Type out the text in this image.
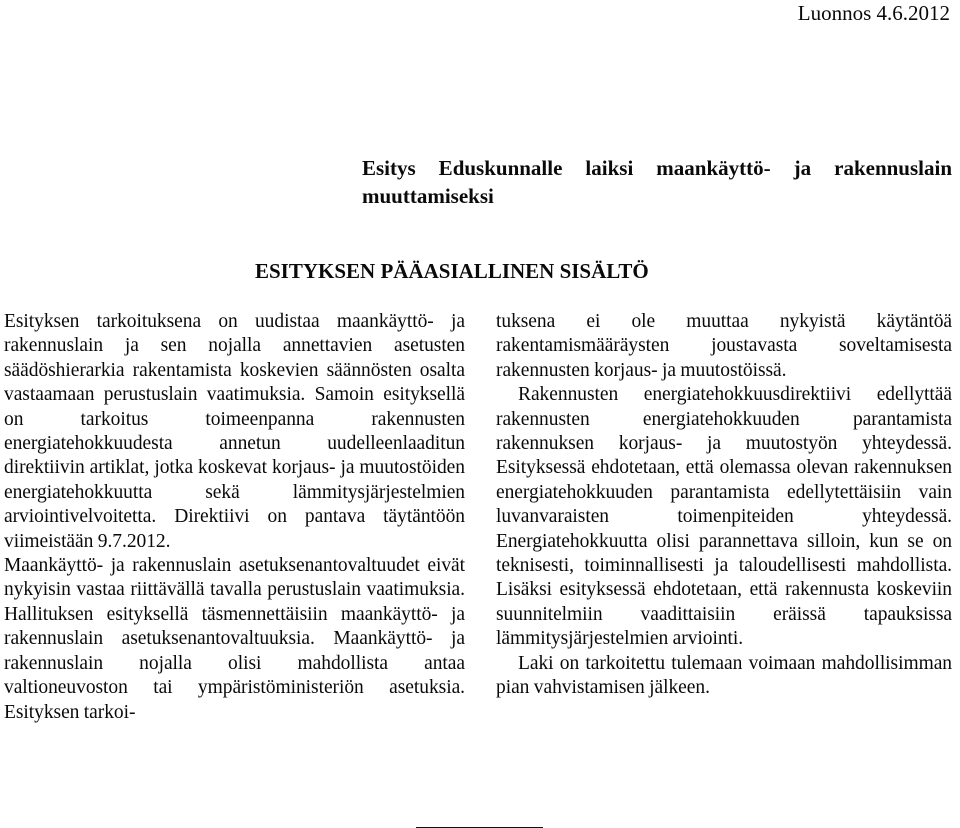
Luonnos 4.6.2012
Esitys Eduskunnalle laiksi maankäyttö- ja rakennuslain muuttamiseksi
ESITYKSEN PÄÄASIALLINEN SISÄLTÖ

Esityksen tarkoituksena on uudistaa maankäyttö- ja rakennuslain ja sen nojalla annettavien asetusten säädöshierarkia rakentamista koskevien säännösten osalta vastaamaan perustuslain vaatimuksia. Samoin esityksellä on tarkoitus toimeenpanna rakennusten energiatehokkuudesta annetun uudelleenlaaditun direktiivin artiklat, jotka koskevat korjaus- ja muutostöiden energiatehokkuutta sekä lämmitysjärjestelmien arviointivelvoitetta. Direktiivi on pantava täytäntöön viimeistään 9.7.2012.

Maankäyttö- ja rakennuslain asetuksenantovaltuudet eivät nykyisin vastaa riittävällä tavalla perustuslain vaatimuksia. Hallituksen esityksellä täsmennettäisiin maankäyttö- ja rakennuslain asetuksenantovaltuuksia. Maankäyttö- ja rakennuslain nojalla olisi mahdollista antaa valtioneuvoston tai ympäristöministeriön asetuksia. Esityksen tarkoi-

tuksena ei ole muuttaa nykyistä käytäntöä rakentamismääräysten joustavasta soveltamisesta rakennusten korjaus- ja muutostöissä.

Rakennusten energiatehokkuusdirektiivi edellyttää rakennusten energiatehokkuuden parantamista rakennuksen korjaus- ja muutostyön yhteydessä. Esityksessä ehdotetaan, että olemassa olevan rakennuksen energiatehokkuuden parantamista edellytettäisiin vain luvanvaraisten toimenpiteiden yhteydessä. Energiatehokkuutta olisi parannettava silloin, kun se on teknisesti, toiminnallisesti ja taloudellisesti mahdollista. Lisäksi esityksessä ehdotetaan, että rakennusta koskeviin suunnitelmiin vaadittaisiin eräissä tapauksissa lämmitysjärjestelmien arviointi.

Laki on tarkoitettu tulemaan voimaan mahdollisimman pian vahvistamisen jälkeen.
